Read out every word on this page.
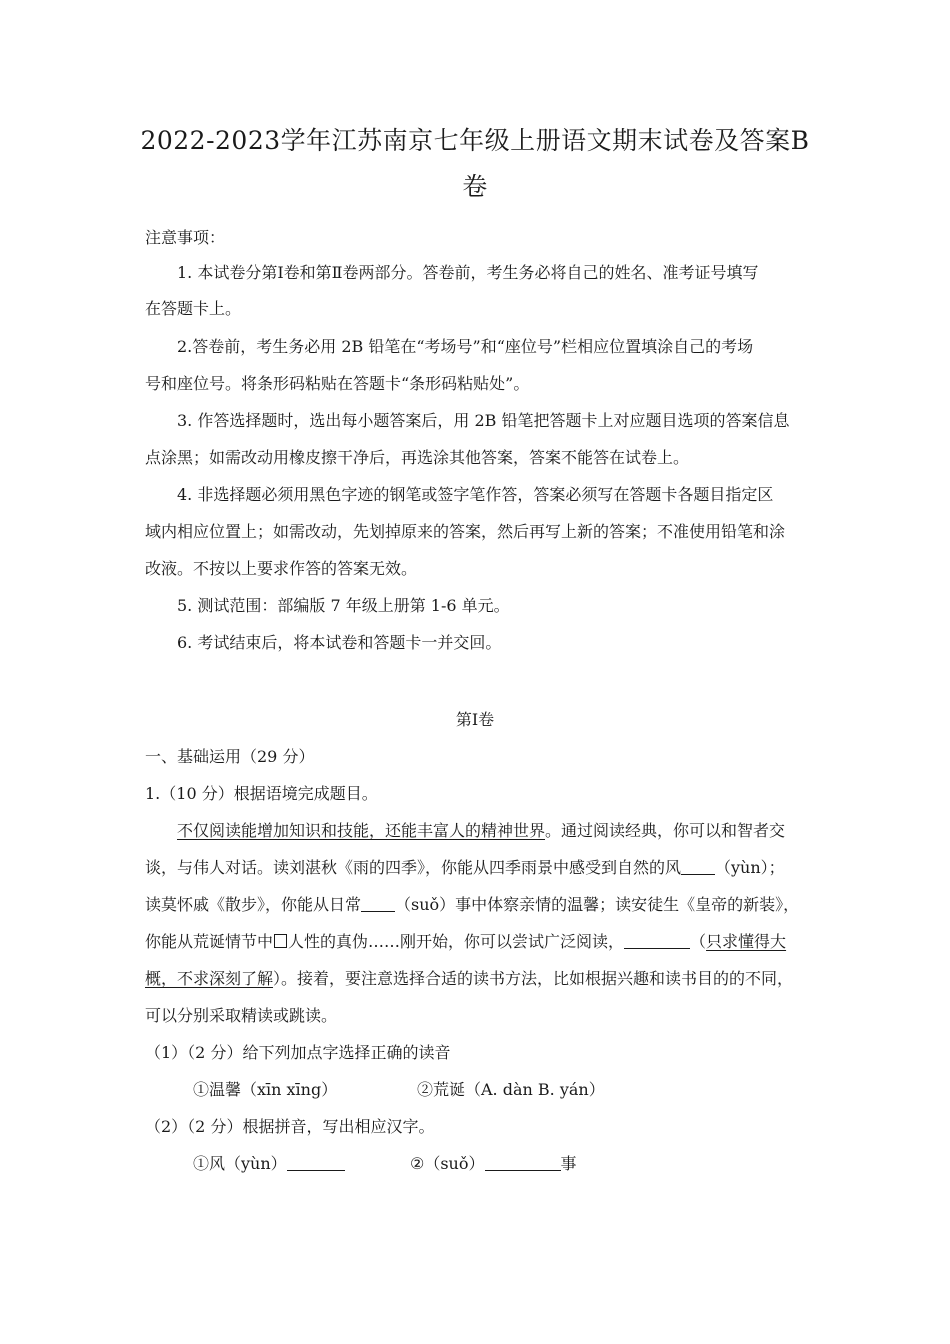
2022-2023学年江苏南京七年级上册语文期末试卷及答案B卷
注意事项：
1. 本试卷分第Ⅰ卷和第Ⅱ卷两部分。答卷前，考生务必将自己的姓名、准考证号填写
在答题卡上。
2.答卷前，考生务必用 2B 铅笔在“考场号”和“座位号”栏相应位置填涂自己的考场
号和座位号。将条形码粘贴在答题卡“条形码粘贴处”。
3. 作答选择题时，选出每小题答案后，用 2B 铅笔把答题卡上对应题目选项的答案信息
点涂黑；如需改动用橡皮擦干净后，再选涂其他答案，答案不能答在试卷上。
4. 非选择题必须用黑色字迹的钢笔或签字笔作答，答案必须写在答题卡各题目指定区
域内相应位置上；如需改动，先划掉原来的答案，然后再写上新的答案；不准使用铅笔和涂
改液。不按以上要求作答的答案无效。
5. 测试范围：部编版 7 年级上册第 1-6 单元。
6. 考试结束后，将本试卷和答题卡一并交回。
第Ⅰ卷
一、基础运用（29 分）
1.（10 分）根据语境完成题目。
不仅阅读能增加知识和技能，还能丰富人的精神世界。通过阅读经典，你可以和智者交
谈，与伟人对话。读刘湛秋《雨的四季》，你能从四季雨景中感受到自然的风 （yùn）；
读莫怀戚《散步》，你能从日常 （suǒ）事中体察亲情的温馨；读安徒生《皇帝的新装》，
你能从荒诞情节中 人性的真伪……刚开始，你可以尝试广泛阅读，	（只求懂得大
概，不求深刻了解）。接着，要注意选择合适的读书方法，比如根据兴趣和读书目的的不同，
可以分别采取精读或跳读。
（1）（2 分）给下列加点字选择正确的读音
①温馨（xīn xīng）	②荒诞（A. dàn B. yán）
（2）（2 分）根据拼音，写出相应汉字。
①风（yùn）	②（suǒ）	事
